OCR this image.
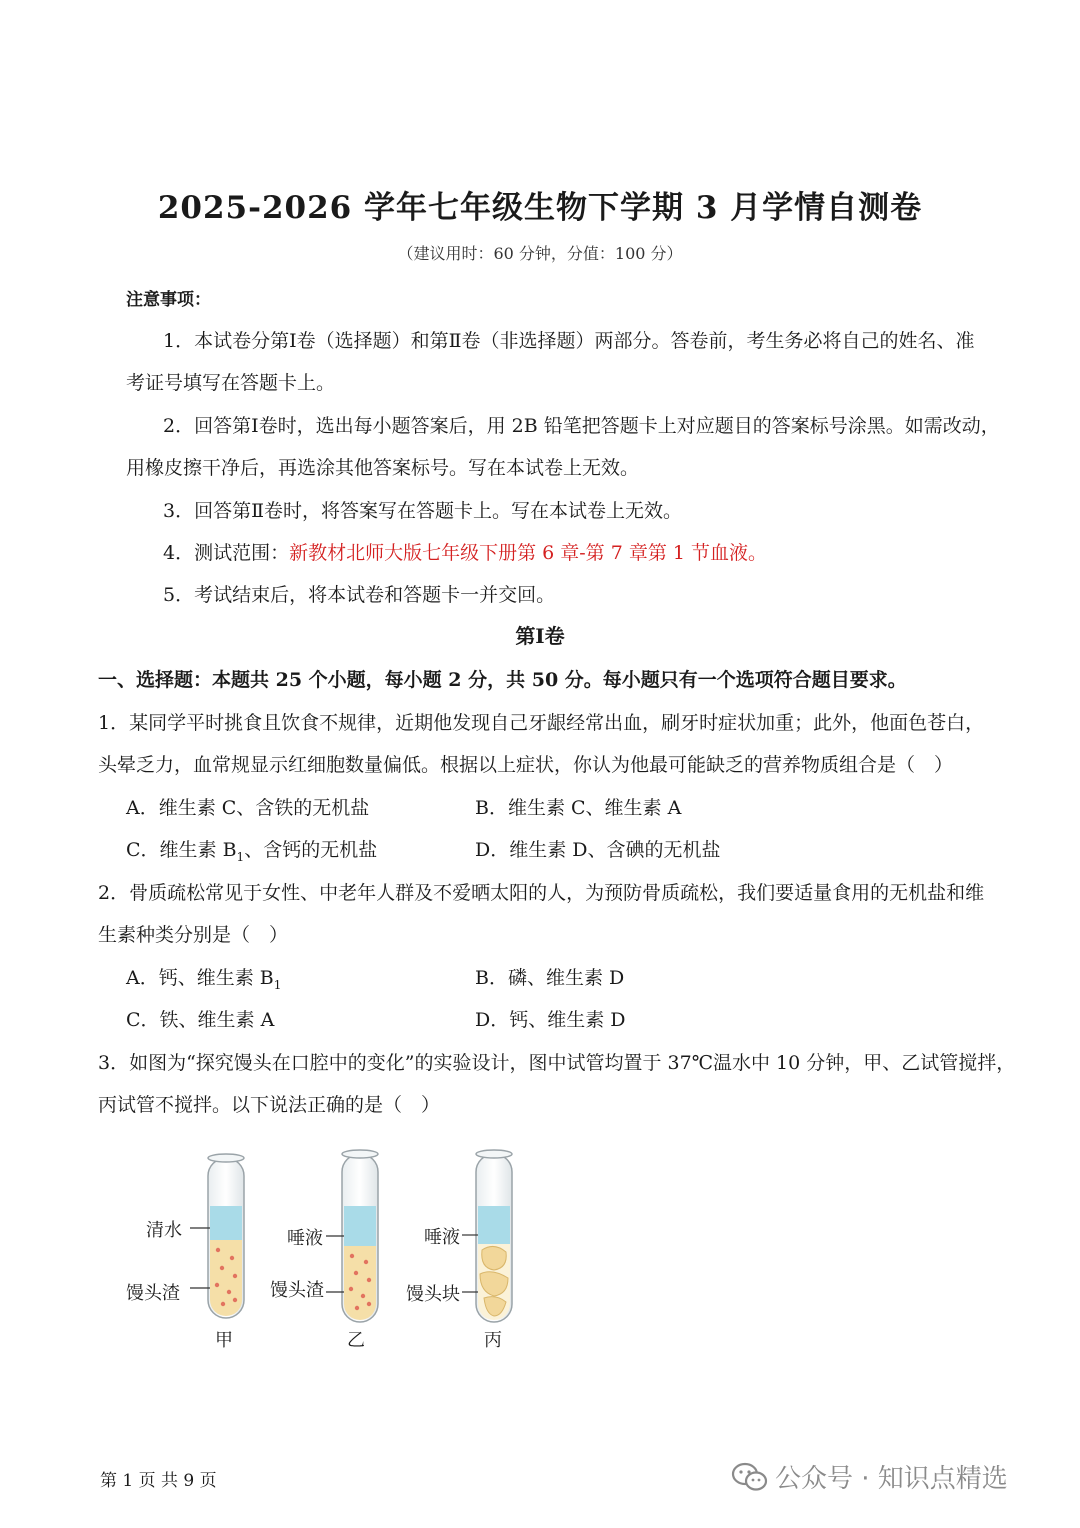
2025-2026 学年七年级生物下学期 3 月学情自测卷
（建议用时：60 分钟，分值：100 分）
注意事项：
1．本试卷分第Ⅰ卷（选择题）和第Ⅱ卷（非选择题）两部分。答卷前，考生务必将自己的姓名、准
考证号填写在答题卡上。
2．回答第Ⅰ卷时，选出每小题答案后，用 2B 铅笔把答题卡上对应题目的答案标号涂黑。如需改动，
用橡皮擦干净后，再选涂其他答案标号。写在本试卷上无效。
3．回答第Ⅱ卷时，将答案写在答题卡上。写在本试卷上无效。
4．测试范围：新教材北师大版七年级下册第 6 章-第 7 章第 1 节血液。
5．考试结束后，将本试卷和答题卡一并交回。
第Ⅰ卷
一、选择题：本题共 25 个小题，每小题 2 分，共 50 分。每小题只有一个选项符合题目要求。
1．某同学平时挑食且饮食不规律，近期他发现自己牙龈经常出血，刷牙时症状加重；此外，他面色苍白，
头晕乏力，血常规显示红细胞数量偏低。根据以上症状，你认为他最可能缺乏的营养物质组合是（　）
A．维生素 C、含铁的无机盐	B．维生素 C、维生素 A
C．维生素 $B_1$、含钙的无机盐	D．维生素 D、含碘的无机盐
2．骨质疏松常见于女性、中老年人群及不爱晒太阳的人，为预防骨质疏松，我们要适量食用的无机盐和维
生素种类分别是（　）
A．钙、维生素 $B_1$	B．磷、维生素 D
C．铁、维生素 A	D．钙、维生素 D
3．如图为“探究馒头在口腔中的变化”的实验设计，图中试管均置于 37℃温水中 10 分钟，甲、乙试管搅拌，
丙试管不搅拌。以下说法正确的是（　）
清水
馒头渣
甲
唾液
馒头渣
乙
唾液
馒头块
丙
第 1 页 共 9 页	公众号 · 知识点精选
